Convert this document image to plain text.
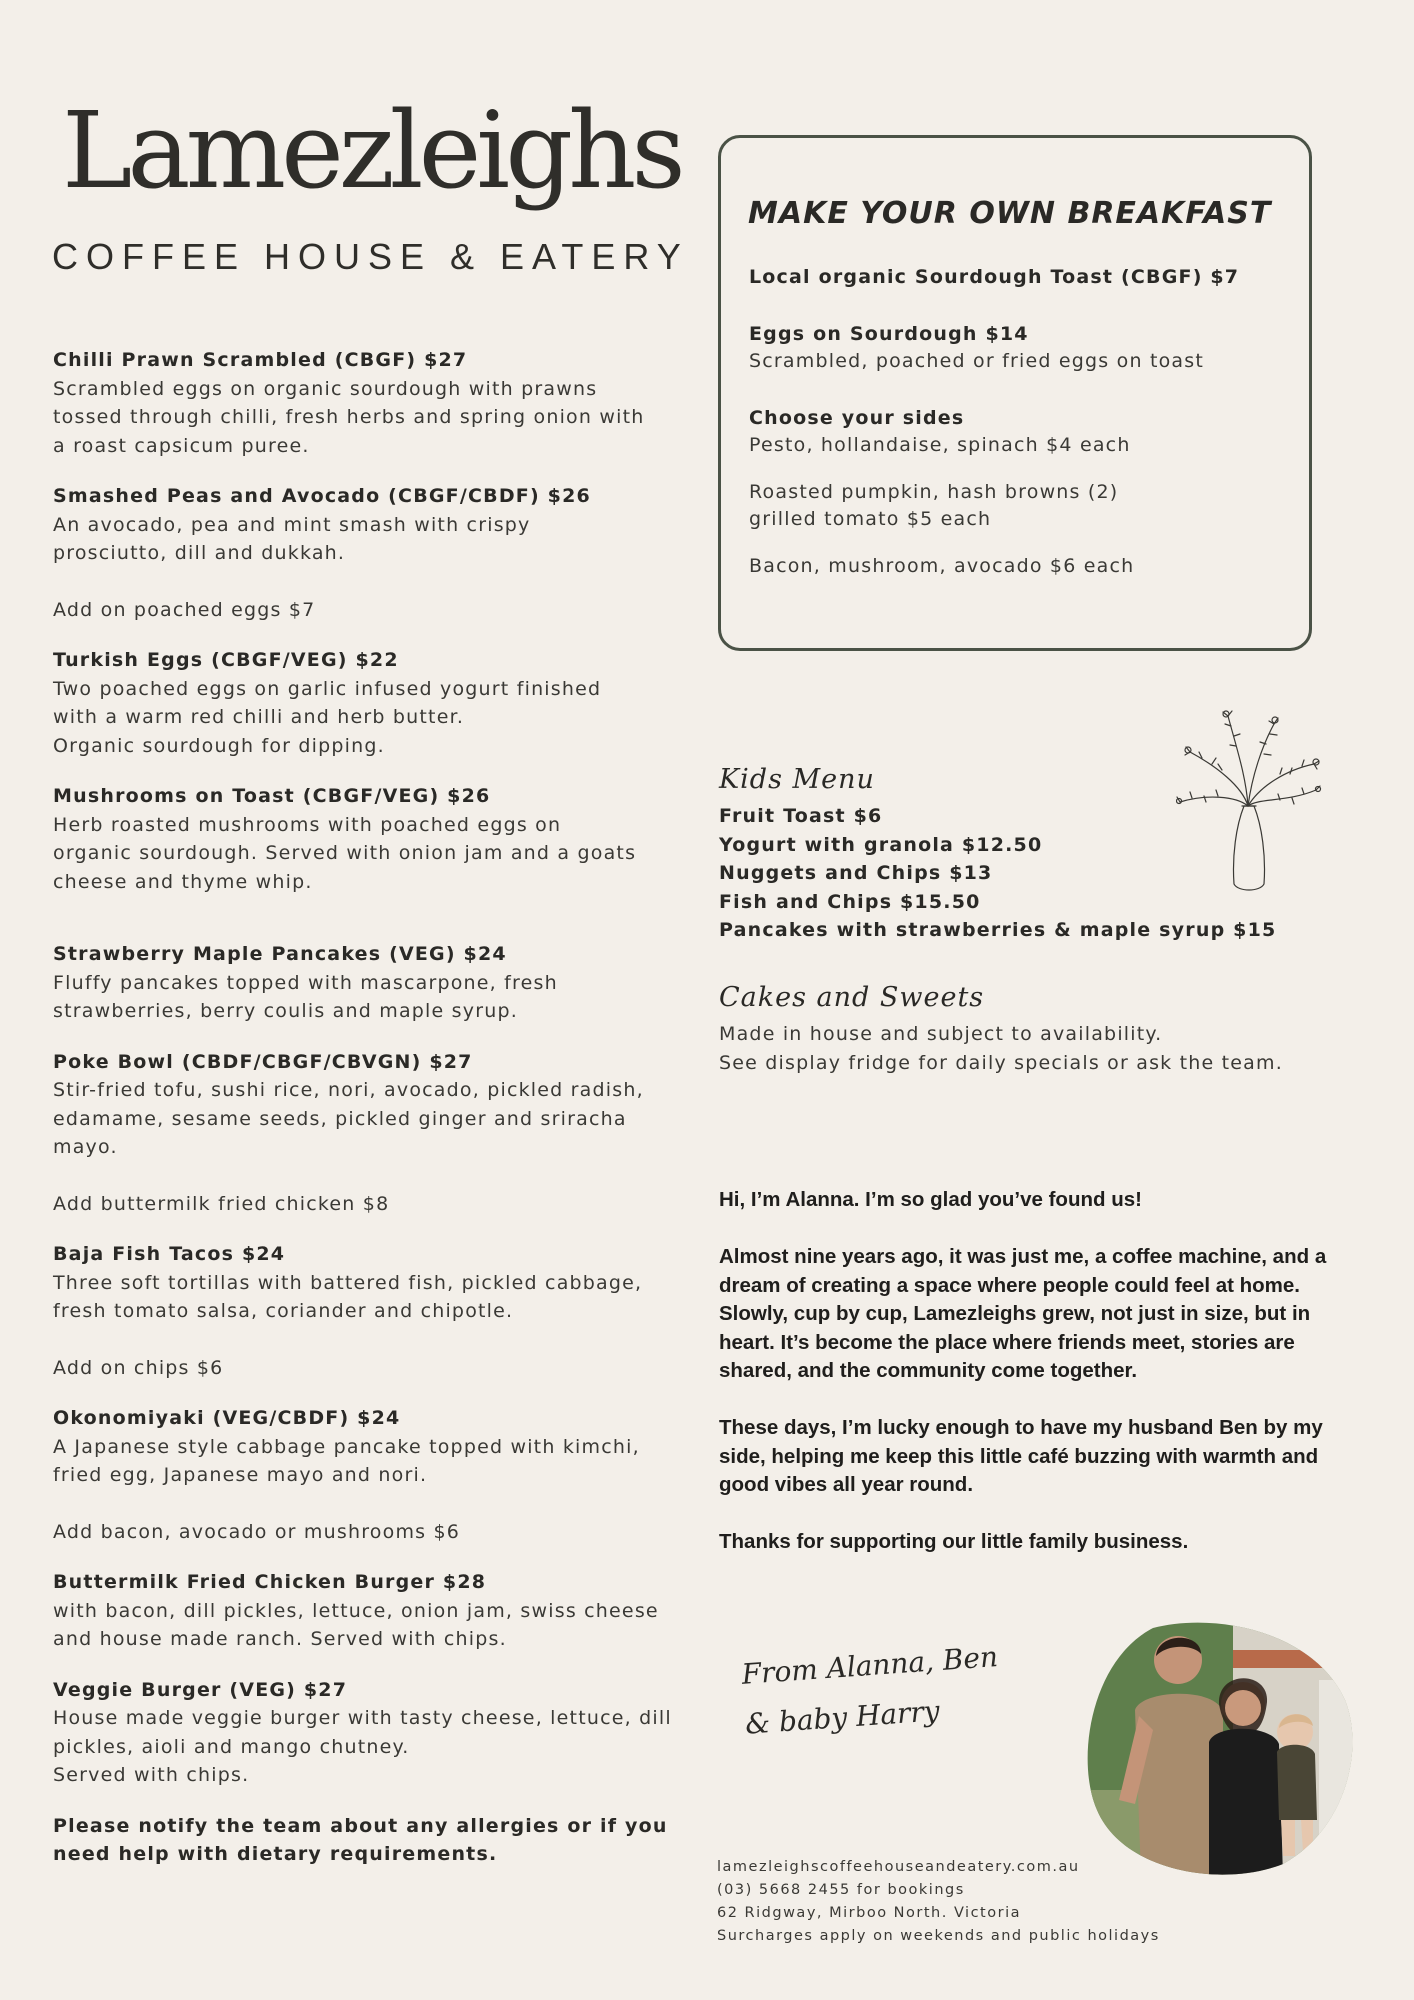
Lamezleighs
COFFEE HOUSE & EATERY
Chilli Prawn Scrambled (CBGF) $27
Scrambled eggs on organic sourdough with prawns
tossed through chilli, fresh herbs and spring onion with
a roast capsicum puree.
Smashed Peas and Avocado (CBGF/CBDF) $26
An avocado, pea and mint smash with crispy
prosciutto, dill and dukkah.
Add on poached eggs $7
Turkish Eggs (CBGF/VEG) $22
Two poached eggs on garlic infused yogurt finished
with a warm red chilli and herb butter.
Organic sourdough for dipping.
Mushrooms on Toast (CBGF/VEG) $26
Herb roasted mushrooms with poached eggs on
organic sourdough. Served with onion jam and a goats
cheese and thyme whip.
Strawberry Maple Pancakes (VEG) $24
Fluffy pancakes topped with mascarpone, fresh
strawberries, berry coulis and maple syrup.
Poke Bowl (CBDF/CBGF/CBVGN) $27
Stir-fried tofu, sushi rice, nori, avocado, pickled radish,
edamame, sesame seeds, pickled ginger and sriracha
mayo.
Add buttermilk fried chicken $8
Baja Fish Tacos $24
Three soft tortillas with battered fish, pickled cabbage,
fresh tomato salsa, coriander and chipotle.
Add on chips $6
Okonomiyaki (VEG/CBDF) $24
A Japanese style cabbage pancake topped with kimchi,
fried egg, Japanese mayo and nori.
Add bacon, avocado or mushrooms $6
Buttermilk Fried Chicken Burger $28
with bacon, dill pickles, lettuce, onion jam, swiss cheese
and house made ranch. Served with chips.
Veggie Burger (VEG) $27
House made veggie burger with tasty cheese, lettuce, dill
pickles, aioli and mango chutney.
Served with chips.
Please notify the team about any allergies or if you
need help with dietary requirements.
MAKE YOUR OWN BREAKFAST
Local organic Sourdough Toast (CBGF) $7
Eggs on Sourdough $14
Scrambled, poached or fried eggs on toast
Choose your sides
Pesto, hollandaise, spinach $4 each
Roasted pumpkin, hash browns (2)
grilled tomato $5 each
Bacon, mushroom, avocado $6 each
Kids Menu
Fruit Toast $6
Yogurt with granola $12.50
Nuggets and Chips $13
Fish and Chips $15.50
Pancakes with strawberries & maple syrup $15
Cakes and Sweets
Made in house and subject to availability.
See display fridge for daily specials or ask the team.

Hi, I’m Alanna. I’m so glad you’ve found us!

Almost nine years ago, it was just me, a coffee machine, and a dream of creating a space where people could feel at home. Slowly, cup by cup, Lamezleighs grew, not just in size, but in heart. It’s become the place where friends meet, stories are shared, and the community come together.

These days, I’m lucky enough to have my husband Ben by my side, helping me keep this little café buzzing with warmth and good vibes all year round.

Thanks for supporting our little family business.

From Alanna, Ben
& baby Harry
lamezleighscoffeehouseandeatery.com.au
(03) 5668 2455 for bookings
62 Ridgway, Mirboo North. Victoria
Surcharges apply on weekends and public holidays
